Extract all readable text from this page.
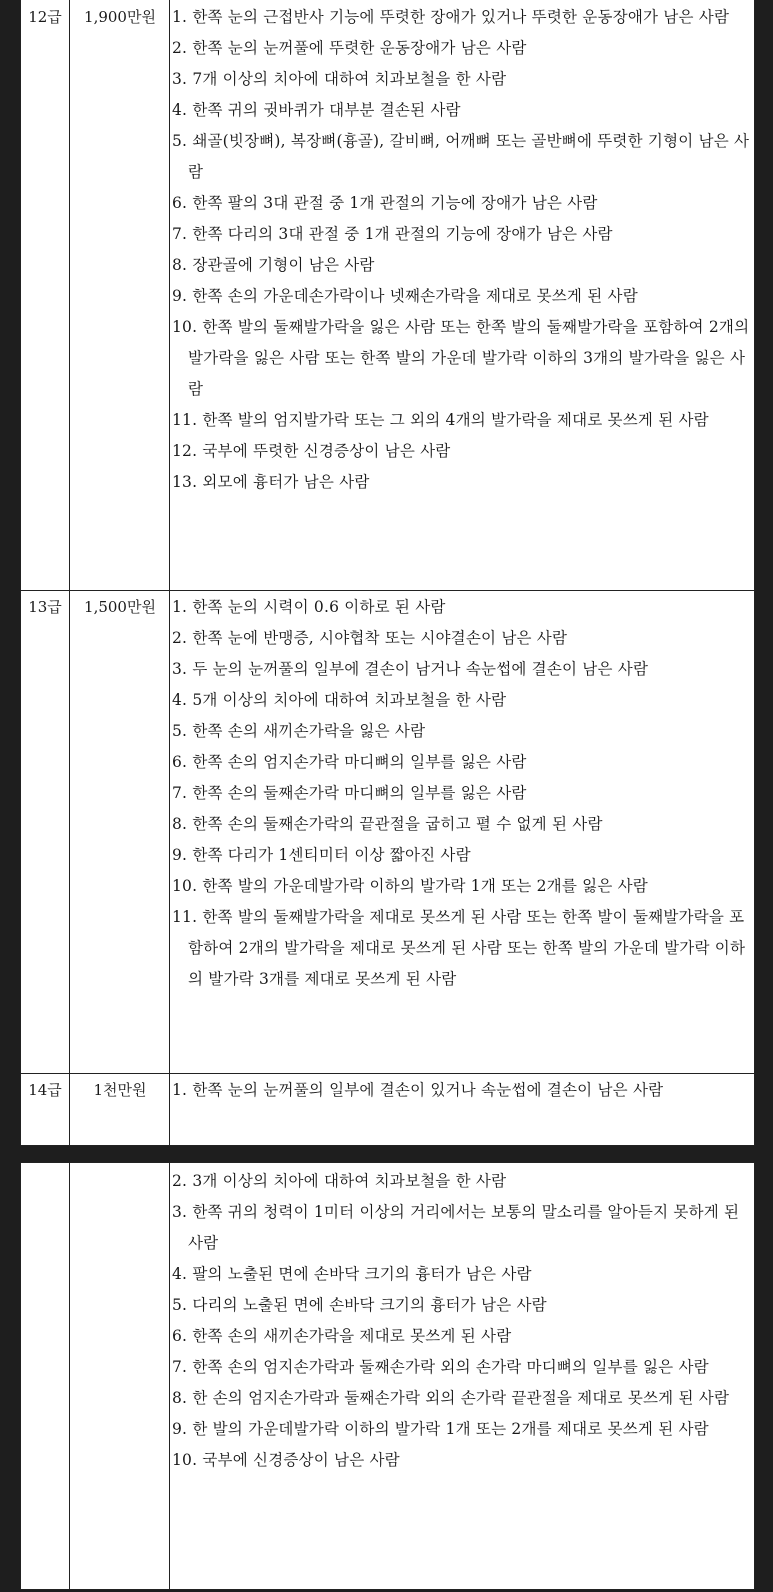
12급	1,900만원	1. 한쪽 눈의 근접반사 기능에 뚜렷한 장애가 있거나 뚜렷한 운동장애가 남은 사람
2. 한쪽 눈의 눈꺼풀에 뚜렷한 운동장애가 남은 사람
3. 7개 이상의 치아에 대하여 치과보철을 한 사람
4. 한쪽 귀의 귓바퀴가 대부분 결손된 사람
5. 쇄골(빗장뼈), 복장뼈(흉골), 갈비뼈, 어깨뼈 또는 골반뼈에 뚜렷한 기형이 남은 사람
6. 한쪽 팔의 3대 관절 중 1개 관절의 기능에 장애가 남은 사람
7. 한쪽 다리의 3대 관절 중 1개 관절의 기능에 장애가 남은 사람
8. 장관골에 기형이 남은 사람
9. 한쪽 손의 가운데손가락이나 넷째손가락을 제대로 못쓰게 된 사람
10. 한쪽 발의 둘째발가락을 잃은 사람 또는 한쪽 발의 둘째발가락을 포함하여 2개의 발가락을 잃은 사람 또는 한쪽 발의 가운데 발가락 이하의 3개의 발가락을 잃은 사람
11. 한쪽 발의 엄지발가락 또는 그 외의 4개의 발가락을 제대로 못쓰게 된 사람
12. 국부에 뚜렷한 신경증상이 남은 사람
13. 외모에 흉터가 남은 사람
13급	1,500만원	1. 한쪽 눈의 시력이 0.6 이하로 된 사람
2. 한쪽 눈에 반맹증, 시야협착 또는 시야결손이 남은 사람
3. 두 눈의 눈꺼풀의 일부에 결손이 남거나 속눈썹에 결손이 남은 사람
4. 5개 이상의 치아에 대하여 치과보철을 한 사람
5. 한쪽 손의 새끼손가락을 잃은 사람
6. 한쪽 손의 엄지손가락 마디뼈의 일부를 잃은 사람
7. 한쪽 손의 둘째손가락 마디뼈의 일부를 잃은 사람
8. 한쪽 손의 둘째손가락의 끝관절을 굽히고 펼 수 없게 된 사람
9. 한쪽 다리가 1센티미터 이상 짧아진 사람
10. 한쪽 발의 가운데발가락 이하의 발가락 1개 또는 2개를 잃은 사람
11. 한쪽 발의 둘째발가락을 제대로 못쓰게 된 사람 또는 한쪽 발이 둘째발가락을 포함하여 2개의 발가락을 제대로 못쓰게 된 사람 또는 한쪽 발의 가운데 발가락 이하의 발가락 3개를 제대로 못쓰게 된 사람
14급	1천만원	1. 한쪽 눈의 눈꺼풀의 일부에 결손이 있거나 속눈썹에 결손이 남은 사람
2. 3개 이상의 치아에 대하여 치과보철을 한 사람
3. 한쪽 귀의 청력이 1미터 이상의 거리에서는 보통의 말소리를 알아듣지 못하게 된 사람
4. 팔의 노출된 면에 손바닥 크기의 흉터가 남은 사람
5. 다리의 노출된 면에 손바닥 크기의 흉터가 남은 사람
6. 한쪽 손의 새끼손가락을 제대로 못쓰게 된 사람
7. 한쪽 손의 엄지손가락과 둘째손가락 외의 손가락 마디뼈의 일부를 잃은 사람
8. 한 손의 엄지손가락과 둘째손가락 외의 손가락 끝관절을 제대로 못쓰게 된 사람
9. 한 발의 가운데발가락 이하의 발가락 1개 또는 2개를 제대로 못쓰게 된 사람
10. 국부에 신경증상이 남은 사람
